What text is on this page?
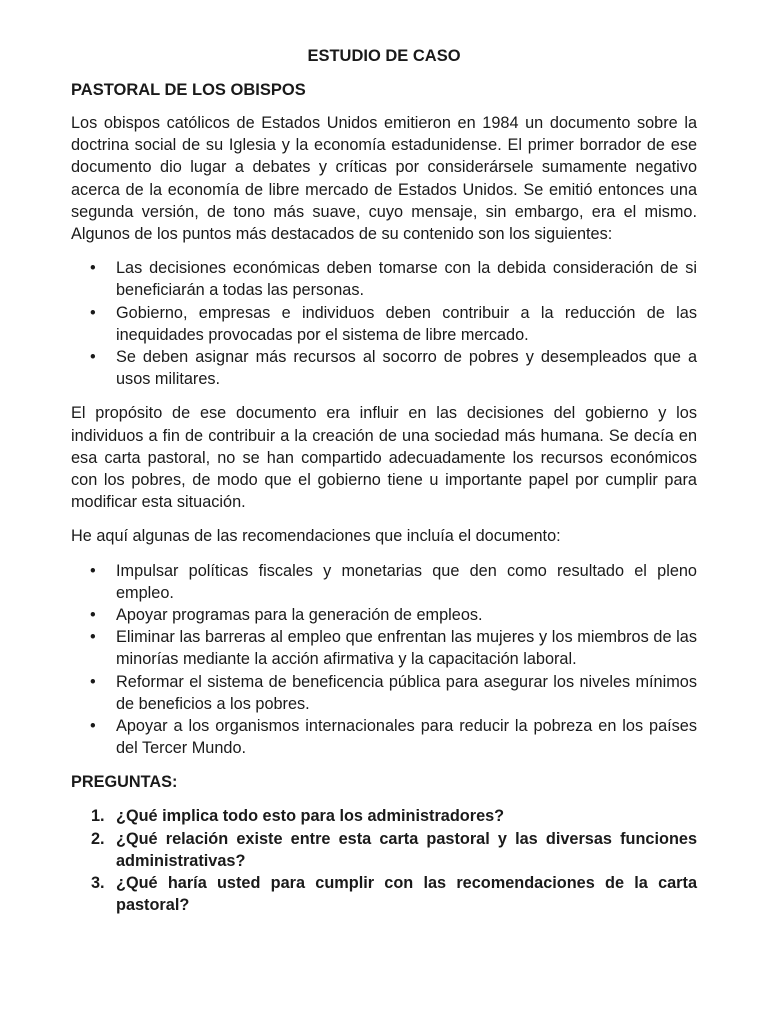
ESTUDIO DE CASO
PASTORAL DE LOS OBISPOS

Los obispos católicos de Estados Unidos emitieron en 1984 un documento sobre la doctrina social de su Iglesia y la economía estadunidense. El primer borrador de ese documento dio lugar a debates y críticas por considerársele sumamente negativo acerca de la economía de libre mercado de Estados Unidos. Se emitió entonces una segunda versión, de tono más suave, cuyo mensaje, sin embargo, era el mismo. Algunos de los puntos más destacados de su contenido son los siguientes:

• Las decisiones económicas deben tomarse con la debida consideración de si beneficiarán a todas las personas.
• Gobierno, empresas e individuos deben contribuir a la reducción de las inequidades provocadas por el sistema de libre mercado.
• Se deben asignar más recursos al socorro de pobres y desempleados que a usos militares.

El propósito de ese documento era influir en las decisiones del gobierno y los individuos a fin de contribuir a la creación de una sociedad más humana. Se decía en esa carta pastoral, no se han compartido adecuadamente los recursos económicos con los pobres, de modo que el gobierno tiene u importante papel por cumplir para modificar esta situación.

He aquí algunas de las recomendaciones que incluía el documento:

• Impulsar políticas fiscales y monetarias que den como resultado el pleno empleo.
• Apoyar programas para la generación de empleos.
• Eliminar las barreras al empleo que enfrentan las mujeres y los miembros de las minorías mediante la acción afirmativa y la capacitación laboral.
• Reformar el sistema de beneficencia pública para asegurar los niveles mínimos de beneficios a los pobres.
• Apoyar a los organismos internacionales para reducir la pobreza en los países del Tercer Mundo.
PREGUNTAS:
1. ¿Qué implica todo esto para los administradores?
2. ¿Qué relación existe entre esta carta pastoral y las diversas funciones administrativas?
3. ¿Qué haría usted para cumplir con las recomendaciones de la carta pastoral?
